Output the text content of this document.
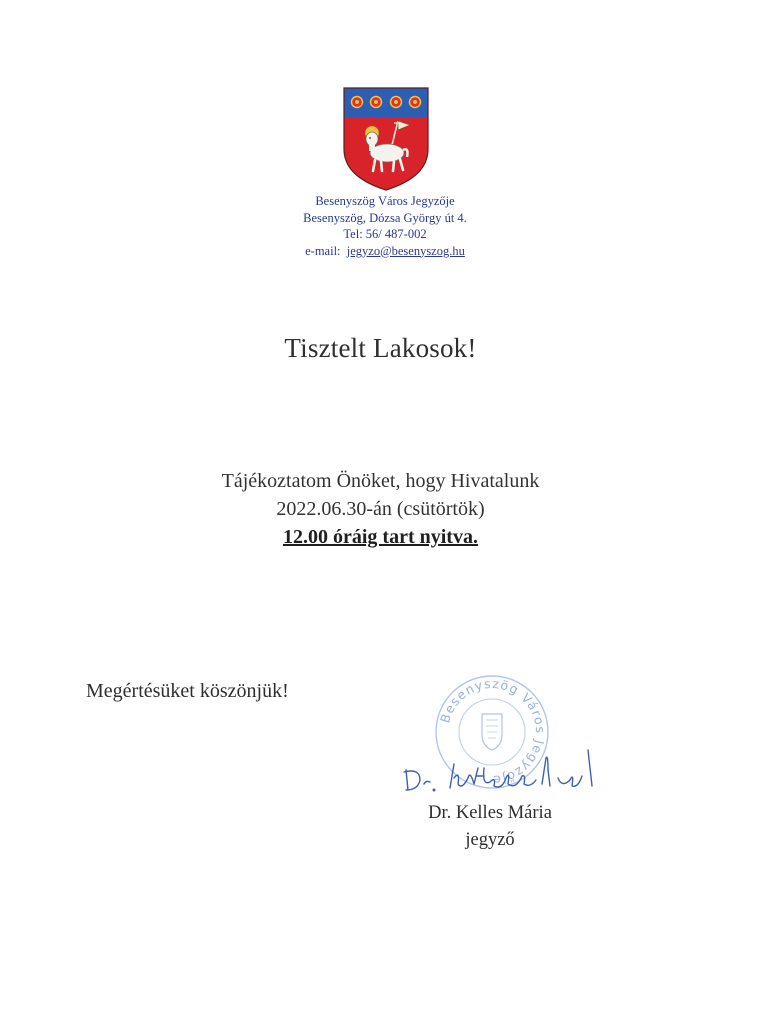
Besenyszög Város Jegyzője
Besenyszög, Dózsa György út 4.
Tel: 56/ 487-002
e-mail: jegyzo@besenyszog.hu
Tisztelt Lakosok!
Tájékoztatom Önöket, hogy Hivatalunk
2022.06.30-án (csütörtök)
12.00 óráig tart nyitva.
Megértésüket köszönjük!
Besenyszög Város Jegyzője
Dr. Kelles Mária
jegyző
